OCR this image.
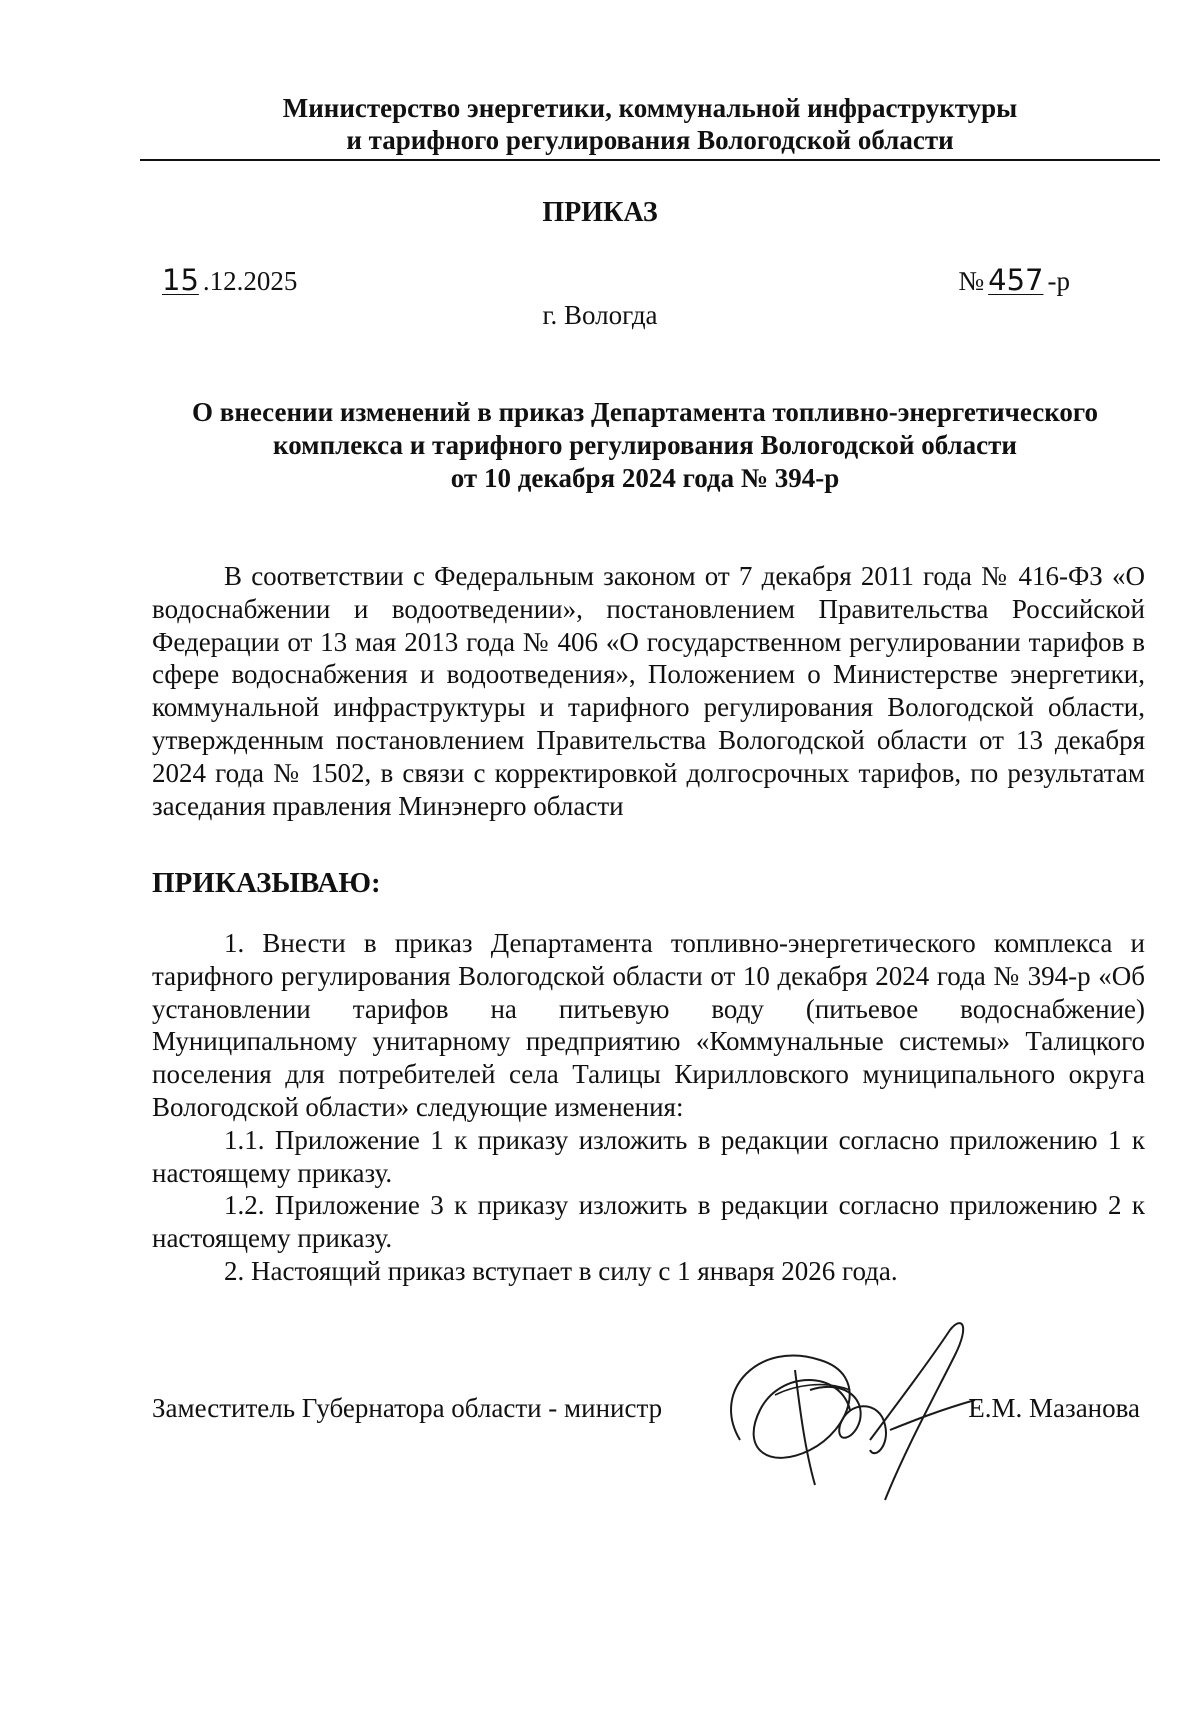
Министерство энергетики, коммунальной инфраструктуры
и тарифного регулирования Вологодской области
ПРИКАЗ
15 .12.2025	№ 457 -р
г. Вологда
О внесении изменений в приказ Департамента топливно-энергетического
комплекса и тарифного регулирования Вологодской области
от 10 декабря 2024 года № 394-р

В соответствии с Федеральным законом от 7 декабря 2011 года № 416-ФЗ «О водоснабжении и водоотведении», постановлением Правительства Российской Федерации от 13 мая 2013 года № 406 «О государственном регулировании тарифов в сфере водоснабжения и водоотведения», Положением о Министерстве энергетики, коммунальной инфраструктуры и тарифного регулирования Вологодской области, утвержденным постановлением Правительства Вологодской области от 13 декабря 2024 года № 1502, в связи с корректировкой долгосрочных тарифов, по результатам заседания правления Минэнерго области

ПРИКАЗЫВАЮ:

1. Внести в приказ Департамента топливно-энергетического комплекса и тарифного регулирования Вологодской области от 10 декабря 2024 года № 394-р «Об установлении тарифов на питьевую воду (питьевое водоснабжение) Муниципальному унитарному предприятию «Коммунальные системы» Талицкого поселения для потребителей села Талицы Кирилловского муниципального округа Вологодской области» следующие изменения:

1.1. Приложение 1 к приказу изложить в редакции согласно приложению 1 к настоящему приказу.

1.2. Приложение 3 к приказу изложить в редакции согласно приложению 2 к настоящему приказу.

2. Настоящий приказ вступает в силу с 1 января 2026 года.

Заместитель Губернатора области - министр	Е.М. Мазанова
